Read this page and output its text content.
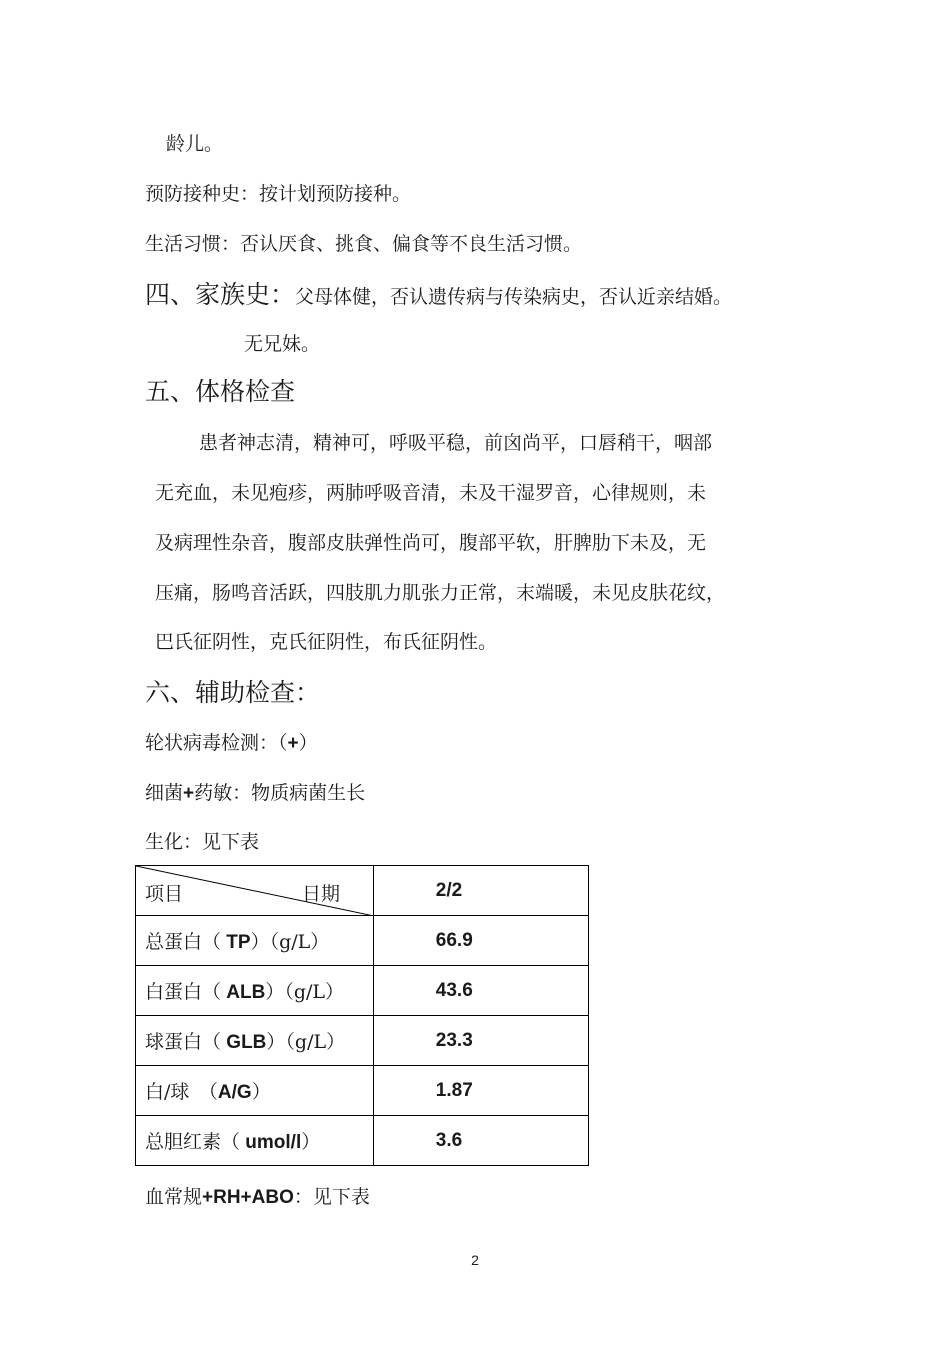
龄儿。
预防接种史：按计划预防接种。
生活习惯：否认厌食、挑食、偏食等不良生活习惯。
四、家族史：父母体健，否认遗传病与传染病史，否认近亲结婚。
无兄妹。
五、体格检查
患者神志清，精神可，呼吸平稳，前囟尚平，口唇稍干，咽部
无充血，未见疱疹，两肺呼吸音清，未及干湿罗音，心律规则，未
及病理性杂音，腹部皮肤弹性尚可，腹部平软，肝脾肋下未及，无
压痛，肠鸣音活跃，四肢肌力肌张力正常，末端暖，未见皮肤花纹，
巴氏征阴性，克氏征阴性，布氏征阴性。
六、辅助检查：
轮状病毒检测：（+）
细菌+药敏：物质病菌生长
生化：见下表
项目 日期	2/2
总蛋白（ TP）（g/L）	66.9
白蛋白（ ALB）（g/L）	43.6
球蛋白（ GLB）（g/L）	23.3
白/球　（A/G）	1.87
总胆红素（ umol/l）	3.6
血常规+RH+ABO：见下表
2
